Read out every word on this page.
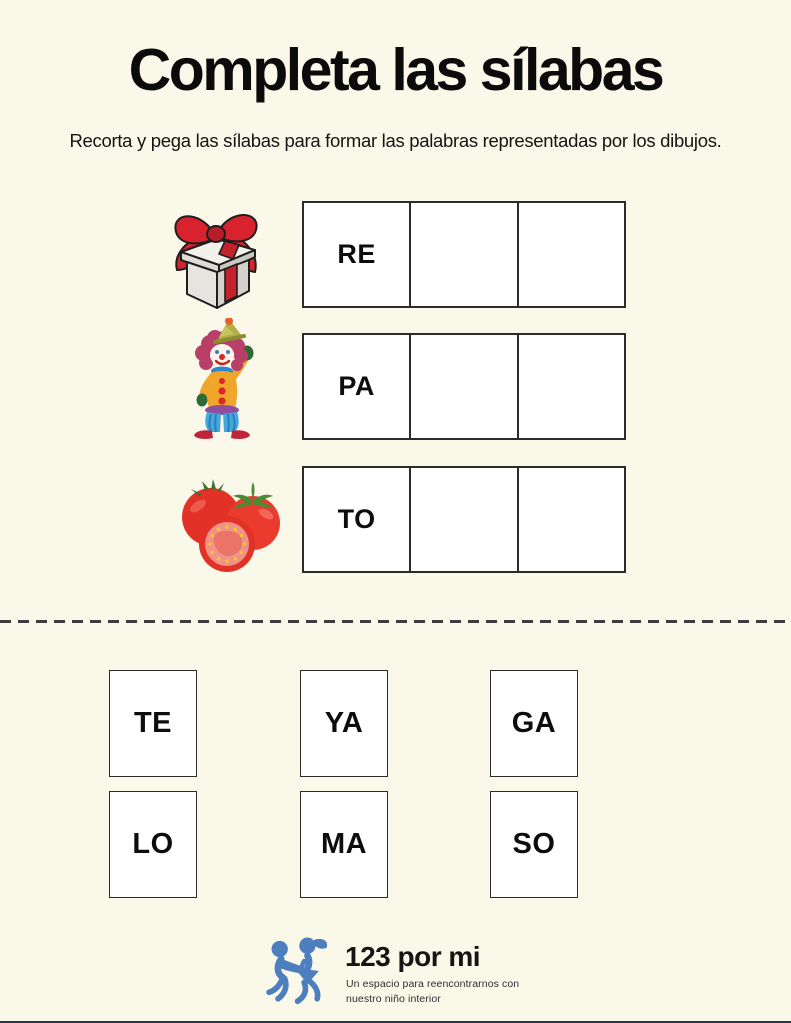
Completa las sílabas

Recorta y pega las sílabas para formar las palabras representadas por los dibujos.

RE
PA
TO
TE	YA	GA
LO	MA	SO
123 por mi
Un espacio para reencontrarnos con
nuestro niño interior
